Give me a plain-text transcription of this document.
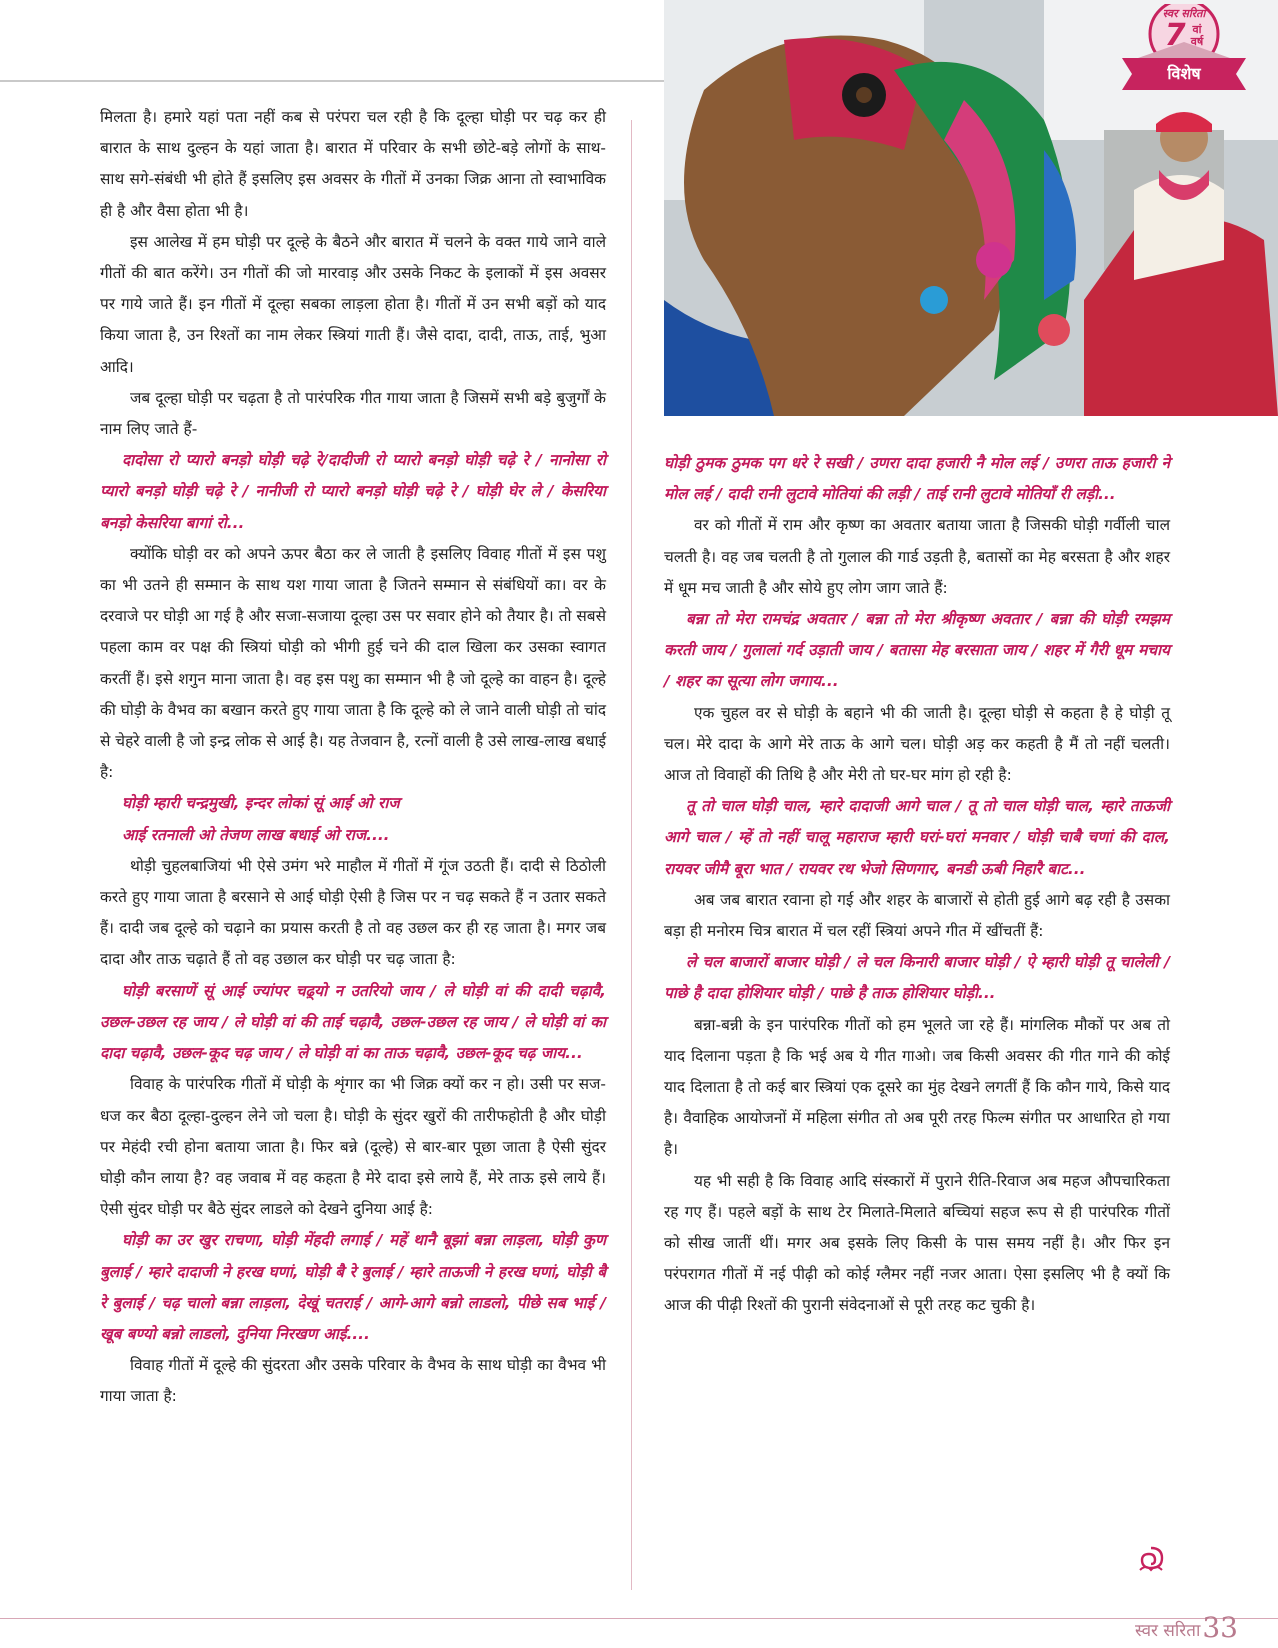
स्वर सरिता
7 वां
वर्ष
विशेष

मिलता है। हमारे यहां पता नहीं कब से परंपरा चल रही है कि दूल्हा घोड़ी पर चढ़ कर ही बारात के साथ दुल्हन के यहां जाता है। बारात में परिवार के सभी छोटे-बड़े लोगों के साथ-साथ सगे-संबंधी भी होते हैं इसलिए इस अवसर के गीतों में उनका जिक्र आना तो स्वाभाविक ही है और वैसा होता भी है।

इस आलेख में हम घोड़ी पर दूल्हे के बैठने और बारात में चलने के वक्त गाये जाने वाले गीतों की बात करेंगे। उन गीतों की जो मारवाड़ और उसके निकट के इलाकों में इस अवसर पर गाये जाते हैं। इन गीतों में दूल्हा सबका लाड़ला होता है। गीतों में उन सभी बड़ों को याद किया जाता है, उन रिश्तों का नाम लेकर स्त्रियां गाती हैं। जैसे दादा, दादी, ताऊ, ताई, भुआ आदि।

जब दूल्हा घोड़ी पर चढ़ता है तो पारंपरिक गीत गाया जाता है जिसमें सभी बड़े बुजुर्गों के नाम लिए जाते हैं-

दादोसा रो प्यारो बनड़ो घोड़ी चढ़े रे/दादीजी रो प्यारो बनड़ो घोड़ी चढ़े रे / नानोसा रो प्यारो बनड़ो घोड़ी चढ़े रे / नानीजी रो प्यारो बनड़ो घोड़ी चढ़े रे / घोड़ी घेर ले / केसरिया बनड़ो केसरिया बागां रो...

क्योंकि घोड़ी वर को अपने ऊपर बैठा कर ले जाती है इसलिए विवाह गीतों में इस पशु का भी उतने ही सम्मान के साथ यश गाया जाता है जितने सम्मान से संबंधियों का। वर के दरवाजे पर घोड़ी आ गई है और सजा-सजाया दूल्हा उस पर सवार होने को तैयार है। तो सबसे पहला काम वर पक्ष की स्त्रियां घोड़ी को भीगी हुई चने की दाल खिला कर उसका स्वागत करतीं हैं। इसे शगुन माना जाता है। वह इस पशु का सम्मान भी है जो दूल्हे का वाहन है। दूल्हे की घोड़ी के वैभव का बखान करते हुए गाया जाता है कि दूल्हे को ले जाने वाली घोड़ी तो चांद से चेहरे वाली है जो इन्द्र लोक से आई है। यह तेजवान है, रत्नों वाली है उसे लाख-लाख बधाई है:

घोड़ी म्हारी चन्द्रमुखी, इन्दर लोकां सूं आई ओ राज

आई रतनाली ओ तेजण लाख बधाई ओ राज....

थोड़ी चुहलबाजियां भी ऐसे उमंग भरे माहौल में गीतों में गूंज उठती हैं। दादी से ठिठोली करते हुए गाया जाता है बरसाने से आई घोड़ी ऐसी है जिस पर न चढ़ सकते हैं न उतार सकते हैं। दादी जब दूल्हे को चढ़ाने का प्रयास करती है तो वह उछल कर ही रह जाता है। मगर जब दादा और ताऊ चढ़ाते हैं तो वह उछाल कर घोड़ी पर चढ़ जाता है:

घोड़ी बरसाणें सूं आई ज्यांपर चढ़्यो न उतरियो जाय / ले घोड़ी वां की दादी चढ़ावै, उछल-उछल रह जाय / ले घोड़ी वां की ताई चढ़ावै, उछल-उछल रह जाय / ले घोड़ी वां का दादा चढ़ावै, उछल-कूद चढ़ जाय / ले घोड़ी वां का ताऊ चढ़ावै, उछल-कूद चढ़ जाय...

विवाह के पारंपरिक गीतों में घोड़ी के शृंगार का भी जिक्र क्यों कर न हो। उसी पर सज-धज कर बैठा दूल्हा-दुल्हन लेने जो चला है। घोड़ी के सुंदर खुरों की तारीफहोती है और घोड़ी पर मेहंदी रची होना बताया जाता है। फिर बन्ने (दूल्हे) से बार-बार पूछा जाता है ऐसी सुंदर घोड़ी कौन लाया है? वह जवाब में वह कहता है मेरे दादा इसे लाये हैं, मेरे ताऊ इसे लाये हैं। ऐसी सुंदर घोड़ी पर बैठे सुंदर लाडले को देखने दुनिया आई है:

घोड़ी का उर खुर राचणा, घोड़ी मेंहदी लगाई / महें थानै बूझां बन्ना लाड़ला, घोड़ी कुण बुलाई / म्हारे दादाजी ने हरख घणां, घोड़ी बै रे बुलाई / म्हारे ताऊजी ने हरख घणां, घोड़ी बै रे बुलाई / चढ़ चालो बन्ना लाड़ला, देखूं चतराई / आगे-आगे बन्नो लाडलो, पीछे सब भाई / खूब बण्यो बन्नो लाडलो, दुनिया निरखण आई....

विवाह गीतों में दूल्हे की सुंदरता और उसके परिवार के वैभव के साथ घोड़ी का वैभव भी गाया जाता है:

घोड़ी ठुमक ठुमक पग धरे रे सखी / उणरा दादा हजारी नै मोल लई / उणरा ताऊ हजारी ने मोल लई / दादी रानी लुटावे मोतियां की लड़ी / ताई रानी लुटावे मोतियाँ री लड़ी...

वर को गीतों में राम और कृष्ण का अवतार बताया जाता है जिसकी घोड़ी गर्वीली चाल चलती है। वह जब चलती है तो गुलाल की गार्ड उड़ती है, बतासों का मेह बरसता है और शहर में धूम मच जाती है और सोये हुए लोग जाग जाते हैं:

बन्ना तो मेरा रामचंद्र अवतार / बन्ना तो मेरा श्रीकृष्ण अवतार / बन्ना की घोड़ी रमझम करती जाय / गुलालां गर्द उड़ाती जाय / बतासा मेह बरसाता जाय / शहर में गैरी धूम मचाय / शहर का सूत्या लोग जगाय...

एक चुहल वर से घोड़ी के बहाने भी की जाती है। दूल्हा घोड़ी से कहता है हे घोड़ी तू चल। मेरे दादा के आगे मेरे ताऊ के आगे चल। घोड़ी अड़ कर कहती है मैं तो नहीं चलती। आज तो विवाहों की तिथि है और मेरी तो घर-घर मांग हो रही है:

तू तो चाल घोड़ी चाल, म्हारे दादाजी आगे चाल / तू तो चाल घोड़ी चाल, म्हारे ताऊजी आगे चाल / म्हें तो नहीं चालू महाराज म्हारी घरां-घरां मनवार / घोड़ी चाबै चणां की दाल, रायवर जीमै बूरा भात / रायवर रथ भेजो सिणगार, बनडी ऊबी निहारै बाट...

अब जब बारात रवाना हो गई और शहर के बाजारों से होती हुई आगे बढ़ रही है उसका बड़ा ही मनोरम चित्र बारात में चल रहीं स्त्रियां अपने गीत में खींचतीं हैं:

ले चल बाजारों बाजार घोड़ी / ले चल किनारी बाजार घोड़ी / ऐ म्हारी घोड़ी तू चालेली / पाछे है दादा होशियार घोड़ी / पाछे है ताऊ होशियार घोड़ी...

बन्ना-बन्नी के इन पारंपरिक गीतों को हम भूलते जा रहे हैं। मांगलिक मौकों पर अब तो याद दिलाना पड़ता है कि भई अब ये गीत गाओ। जब किसी अवसर की गीत गाने की कोई याद दिलाता है तो कई बार स्त्रियां एक दूसरे का मुंह देखने लगतीं हैं कि कौन गाये, किसे याद है। वैवाहिक आयोजनों में महिला संगीत तो अब पूरी तरह फिल्म संगीत पर आधारित हो गया है।

यह भी सही है कि विवाह आदि संस्कारों में पुराने रीति-रिवाज अब महज औपचारिकता रह गए हैं। पहले बड़ों के साथ टेर मिलाते-मिलाते बच्चियां सहज रूप से ही पारंपरिक गीतों को सीख जातीं थीं। मगर अब इसके लिए किसी के पास समय नहीं है। और फिर इन परंपरागत गीतों में नई पीढ़ी को कोई ग्लैमर नहीं नजर आता। ऐसा इसलिए भी है क्यों कि आज की पीढ़ी रिश्तों की पुरानी संवेदनाओं से पूरी तरह कट चुकी है।

स्वर सरिता33
